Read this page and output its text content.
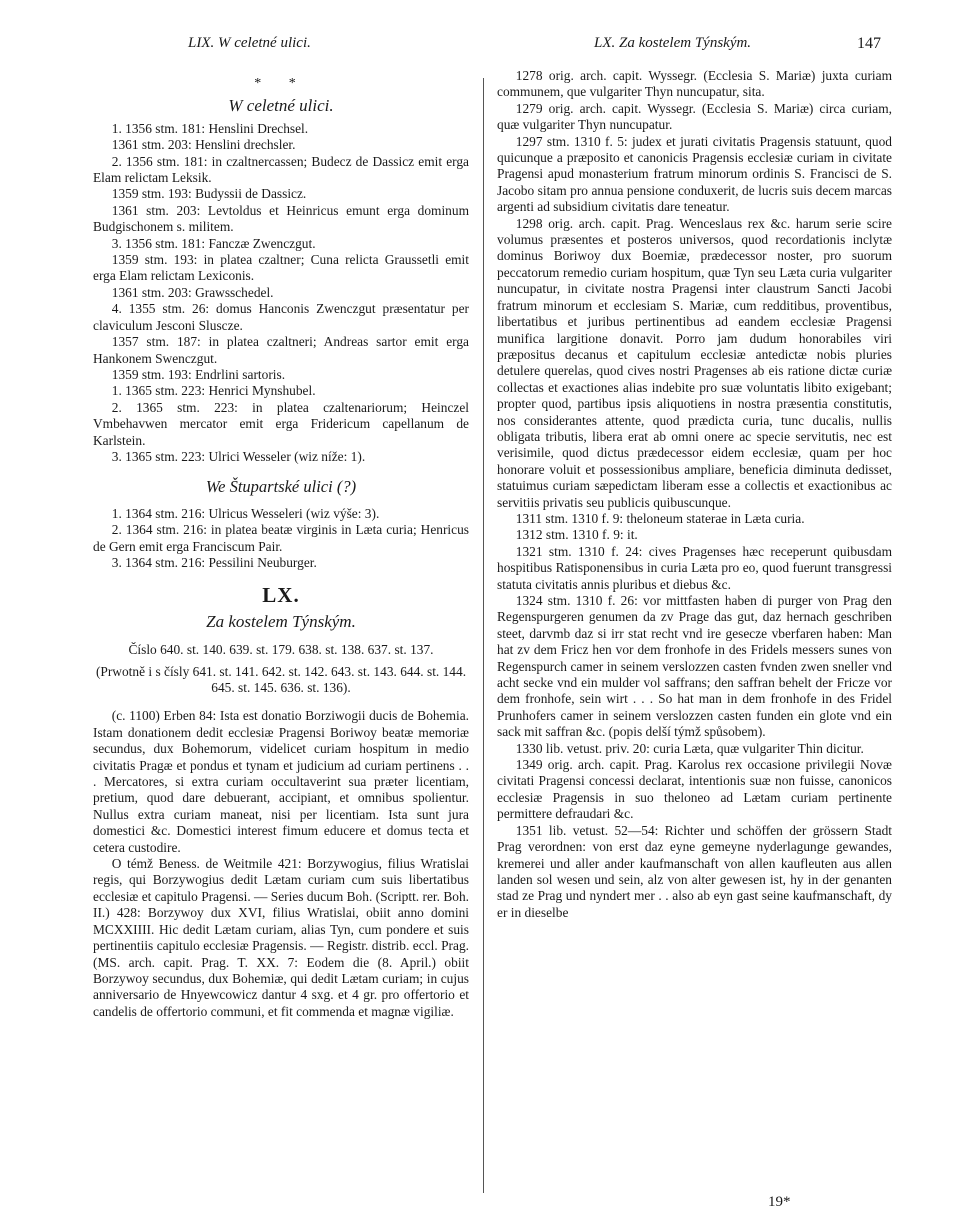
LIX. W celetné ulici.	LX. Za kostelem Týnským.	147
* *
W celetné ulici.

1. 1356 stm. 181: Henslini Drechsel.

1361 stm. 203: Henslini drechsler.

2. 1356 stm. 181: in czaltnercassen; Budecz de Dassicz emit erga Elam relictam Leksik.

1359 stm. 193: Budyssii de Dassicz.

1361 stm. 203: Levtoldus et Heinricus emunt erga dominum Budgischonem s. militem.

3. 1356 stm. 181: Fanczæ Zwenczgut.

1359 stm. 193: in platea czaltner; Cuna relicta Graussetli emit erga Elam relictam Lexiconis.

1361 stm. 203: Grawsschedel.

4. 1355 stm. 26: domus Hanconis Zwenczgut præsentatur per claviculum Jesconi Slusczе.

1357 stm. 187: in platea czaltneri; Andreas sartor emit erga Hankonem Swenczgut.

1359 stm. 193: Endrlini sartoris.

1. 1365 stm. 223: Henrici Mynshubel.

2. 1365 stm. 223: in platea czaltenariorum; Heinczel Vmbehavwen mercator emit erga Fridericum capellanum de Karlstein.

3. 1365 stm. 223: Ulrici Wesseler (wiz níže: 1).

We Štupartské ulici (?)

1. 1364 stm. 216: Ulricus Wesseleri (wiz výše: 3).

2. 1364 stm. 216: in platea beatæ virginis in Læta curia; Henricus de Gern emit erga Franciscum Pair.

3. 1364 stm. 216: Pessilini Neuburger.

LX.
Za kostelem Týnským.

Číslo 640. st. 140. 639. st. 179. 638. st. 138. 637. st. 137.

(Prwotně i s čísly 641. st. 141. 642. st. 142. 643. st. 143. 644. st. 144. 645. st. 145. 636. st. 136).

(c. 1100) Erben 84: Ista est donatio Borziwogii ducis de Bohemia. Istam donationem dedit ecclesiæ Pragensi Boriwoy beatæ memoriæ secundus, dux Bohemorum, videlicet curiam hospitum in medio civitatis Pragæ et pondus et tynam et judicium ad curiam pertinens . . . Mercatores, si extra curiam occultaverint sua præter licentiam, pretium, quod dare debuerant, accipiant, et omnibus spolientur. Nullus extra curiam maneat, nisi per licentiam. Ista sunt jura domestici &c. Domestici interest fimum educere et domus tecta et cetera custodire.

O témž Beness. de Weitmile 421: Borzywogius, filius Wratislai regis, qui Borzywogius dedit Lætam curiam cum suis libertatibus ecclesiæ et capitulo Pragensi. — Series ducum Boh. (Scriptt. rer. Boh. II.) 428: Borzywoy dux XVI, filius Wratislai, obiit anno domini MCXXIIII. Hic dedit Lætam curiam, alias Tyn, cum pondere et suis pertinentiis capitulo ecclesiæ Pragensis. — Registr. distrib. eccl. Prag. (MS. arch. capit. Prag. T. XX. 7: Eodem die (8. April.) obiit Borzywoy secundus, dux Bohemiæ, qui dedit Lætam curiam; in cujus anniversario de Hnyewcowicz dantur 4 sxg. et 4 gr. pro offertorio et candelis de offertorio communi, et fit commenda et magnæ vigiliæ.

1278 orig. arch. capit. Wyssegr. (Ecclesia S. Mariæ) juxta curiam communem, que vulgariter Thyn nuncupatur, sita.

1279 orig. arch. capit. Wyssegr. (Ecclesia S. Mariæ) circa curiam, quæ vulgariter Thyn nuncupatur.

1297 stm. 1310 f. 5: judex et jurati civitatis Pragensis statuunt, quod quicunque a præposito et canonicis Pragensis ecclesiæ curiam in civitate Pragensi apud monasterium fratrum minorum ordinis S. Francisci de S. Jacobo sitam pro annua pensione conduxerit, de lucris suis decem marcas argenti ad subsidium civitatis dare teneatur.

1298 orig. arch. capit. Prag. Wenceslaus rex &c. harum serie scire volumus præsentes et posteros universos, quod recordationis inclytæ dominus Boriwoy dux Boemiæ, prædecessor noster, pro suorum peccatorum remedio curiam hospitum, quæ Tyn seu Læta curia vulgariter nuncupatur, in civitate nostra Pragensi inter claustrum Sancti Jacobi fratrum minorum et ecclesiam S. Mariæ, cum redditibus, proventibus, libertatibus et juribus pertinentibus ad eandem ecclesiæ Pragensi munifica largitione donavit. Porro jam dudum honorabiles viri præpositus decanus et capitulum ecclesiæ antedictæ nobis pluries detulere querelas, quod cives nostri Pragenses ab eis ratione dictæ curiæ collectas et exactiones alias indebite pro suæ voluntatis libito exigebant; propter quod, partibus ipsis aliquotiens in nostra præsentia constitutis, nos considerantes attente, quod prædicta curia, tunc ducalis, nullis obligata tributis, libera erat ab omni onere ac specie servitutis, nec est verisimile, quod dictus prædecessor eidem ecclesiæ, quam per hoc honorare voluit et possessionibus ampliare, beneficia diminuta dedisset, statuimus curiam sæpedictam liberam esse a collectis et exactionibus ac servitiis privatis seu publicis quibuscunque.

1311 stm. 1310 f. 9: theloneum staterae in Læta curia.

1312 stm. 1310 f. 9: it.

1321 stm. 1310 f. 24: cives Pragenses hæc receperunt quibusdam hospitibus Ratisponensibus in curia Læta pro eo, quod fuerunt transgressi statuta civitatis annis pluribus et diebus &c.

1324 stm. 1310 f. 26: vor mittfasten haben di purger von Prag den Regenspurgeren genumen da zv Prage das gut, daz hernach geschriben steet, darvmb daz si irr stat recht vnd ire gesecze vberfaren haben: Man hat zv dem Fricz hen vor dem fronhofe in des Fridels messers sunes von Regenspurch camer in seinem verslozzen casten fvnden zwen sneller vnd acht secke vnd ein mulder vol saffrans; den saffran behelt der Fricze vor dem fronhofe, sein wirt . . . So hat man in dem fronhofe in des Fridel Prunhofers camer in seinem verslozzen casten funden ein glote vnd ein sack mit saffran &c. (popis delší týmž spůsobem).

1330 lib. vetust. priv. 20: curia Læta, quæ vulgariter Thin dicitur.

1349 orig. arch. capit. Prag. Karolus rex occasione privilegii Novæ civitati Pragensi concessi declarat, intentionis suæ non fuisse, canonicos ecclesiæ Pragensis in suo theloneo ad Lætam curiam pertinente permittere defraudari &c.

1351 lib. vetust. 52—54: Richter und schöffen der grössern Stadt Prag verordnen: von erst daz eyne gemeyne nyderlagunge gewandes, kremerei und aller ander kaufmanschaft von allen kaufleuten aus allen landen sol wesen und sein, alz von alter gewesen ist, hy in der genanten stad ze Prag und nyndert mer . . also ab eyn gast seine kaufmanschaft, dy er in dieselbe

19*
